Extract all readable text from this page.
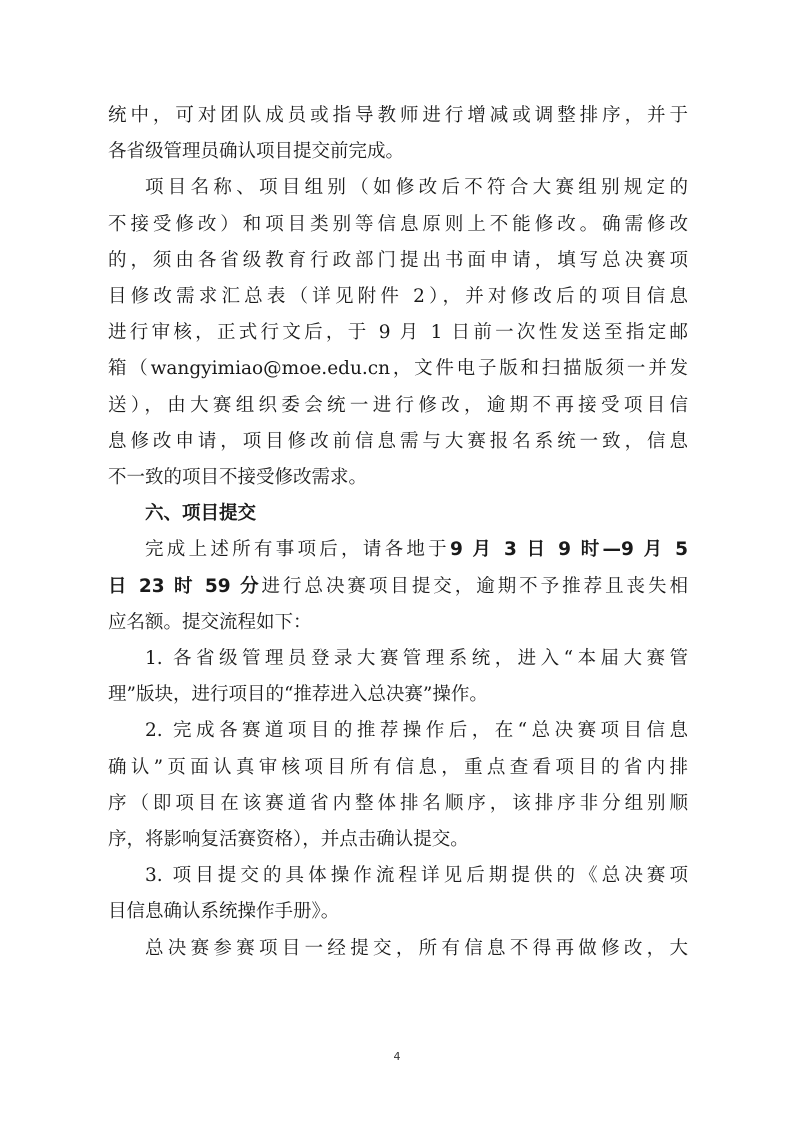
统中，可对团队成员或指导教师进行增减或调整排序，并于
各省级管理员确认项目提交前完成。

项目名称、项目组别（如修改后不符合大赛组别规定的
不接受修改）和项目类别等信息原则上不能修改。确需修改
的，须由各省级教育行政部门提出书面申请，填写总决赛项
目修改需求汇总表（详见附件 2），并对修改后的项目信息
进行审核，正式行文后，于 9 月 1 日前一次性发送至指定邮
箱（wangyimiao@moe.edu.cn，文件电子版和扫描版须一并发
送），由大赛组织委会统一进行修改，逾期不再接受项目信
息修改申请，项目修改前信息需与大赛报名系统一致，信息
不一致的项目不接受修改需求。

六、项目提交

完成上述所有事项后，请各地于9 月 3 日 9 时—9 月 5
日 23 时 59 分进行总决赛项目提交，逾期不予推荐且丧失相
应名额。提交流程如下：

1. 各省级管理员登录大赛管理系统，进入“本届大赛管
理”版块，进行项目的“推荐进入总决赛”操作。

2. 完成各赛道项目的推荐操作后，在“总决赛项目信息
确认”页面认真审核项目所有信息，重点查看项目的省内排
序（即项目在该赛道省内整体排名顺序，该排序非分组别顺
序，将影响复活赛资格），并点击确认提交。

3. 项目提交的具体操作流程详见后期提供的《总决赛项
目信息确认系统操作手册》。

总决赛参赛项目一经提交，所有信息不得再做修改，大

4
